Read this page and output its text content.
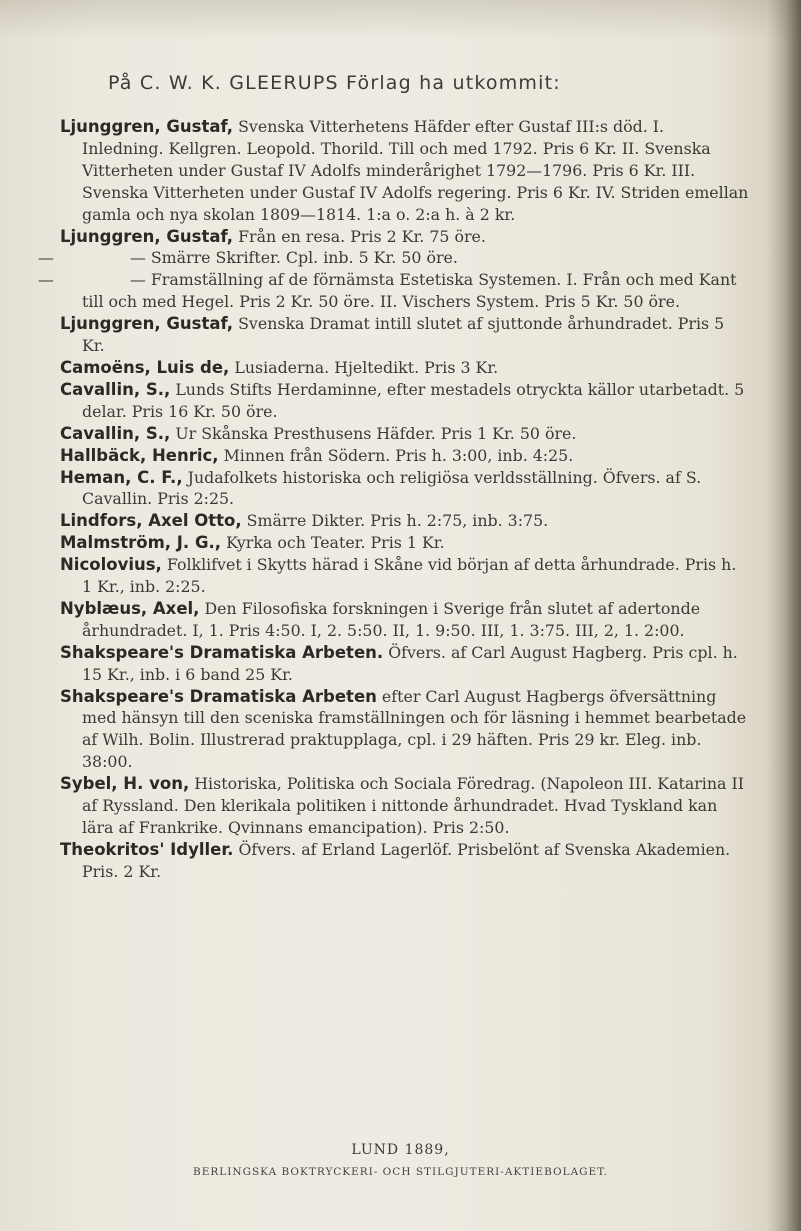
På C. W. K. GLEERUPS Förlag ha utkommit:
Ljunggren, Gustaf, Svenska Vitterhetens Häfder efter Gustaf III:s död. I. Inledning. Kellgren. Leopold. Thorild. Till och med 1792. Pris 6 Kr. II. Svenska Vitterheten under Gustaf IV Adolfs minderårighet 1792—1796. Pris 6 Kr. III. Svenska Vitterheten under Gustaf IV Adolfs regering. Pris 6 Kr. IV. Striden emellan gamla och nya skolan 1809—1814. 1:a o. 2:a h. à 2 kr.
Ljunggren, Gustaf, Från en resa. Pris 2 Kr. 75 öre.
—	— Smärre Skrifter. Cpl. inb. 5 Kr. 50 öre.
—	— Framställning af de förnämsta Estetiska Systemen. I. Från och med Kant till och med Hegel. Pris 2 Kr. 50 öre. II. Vischers System. Pris 5 Kr. 50 öre.
Ljunggren, Gustaf, Svenska Dramat intill slutet af sjuttonde århundradet. Pris 5 Kr.
Camoëns, Luis de, Lusiaderna. Hjeltedikt. Pris 3 Kr.
Cavallin, S., Lunds Stifts Herdaminne, efter mestadels otryckta källor utarbetadt. 5 delar. Pris 16 Kr. 50 öre.
Cavallin, S., Ur Skånska Presthusens Häfder. Pris 1 Kr. 50 öre.
Hallbäck, Henric, Minnen från Södern. Pris h. 3:00, inb. 4:25.
Heman, C. F., Judafolkets historiska och religiösa verldsställning. Öfvers. af S. Cavallin. Pris 2:25.
Lindfors, Axel Otto, Smärre Dikter. Pris h. 2:75, inb. 3:75.
Malmström, J. G., Kyrka och Teater. Pris 1 Kr.
Nicolovius, Folklifvet i Skytts härad i Skåne vid början af detta århundrade. Pris h. 1 Kr., inb. 2:25.
Nyblæus, Axel, Den Filosofiska forskningen i Sverige från slutet af adertonde århundradet. I, 1. Pris 4:50. I, 2. 5:50. II, 1. 9:50. III, 1. 3:75. III, 2, 1. 2:00.
Shakspeare's Dramatiska Arbeten. Öfvers. af Carl August Hagberg. Pris cpl. h. 15 Kr., inb. i 6 band 25 Kr.
Shakspeare's Dramatiska Arbeten efter Carl August Hagbergs öfversättning med hänsyn till den sceniska framställningen och för läsning i hemmet bearbetade af Wilh. Bolin. Illustrerad praktupplaga, cpl. i 29 häften. Pris 29 kr. Eleg. inb. 38:00.
Sybel, H. von, Historiska, Politiska och Sociala Föredrag. (Napoleon III. Katarina II af Ryssland. Den klerikala politiken i nittonde århundradet. Hvad Tyskland kan lära af Frankrike. Qvinnans emancipation). Pris 2:50.
Theokritos' Idyller. Öfvers. af Erland Lagerlöf. Prisbelönt af Svenska Akademien. Pris. 2 Kr.
LUND 1889,
BERLINGSKA BOKTRYCKERI- OCH STILGJUTERI-AKTIEBOLAGET.
